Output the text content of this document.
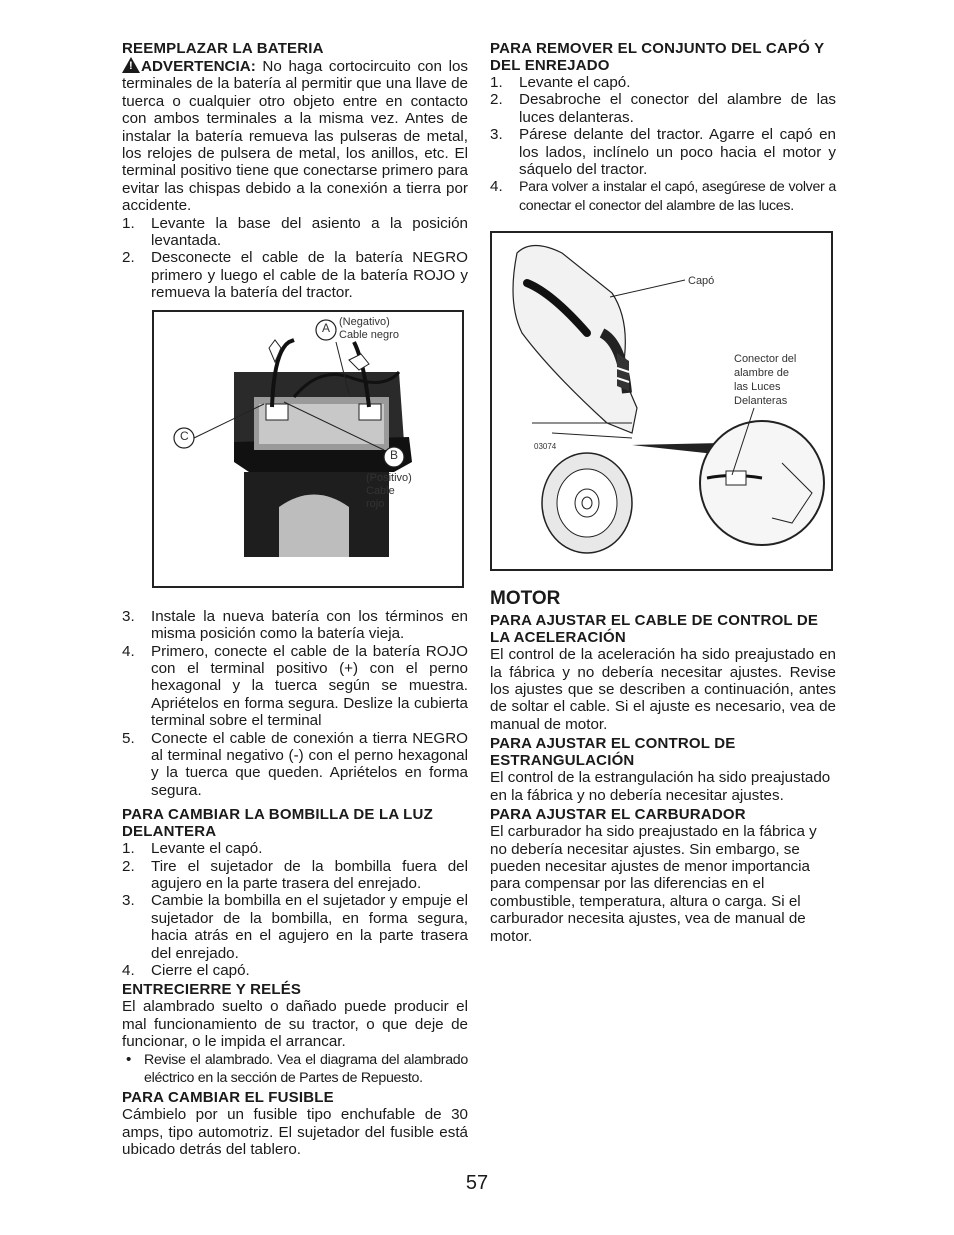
REEMPLAZAR LA BATERIA

! ADVERTENCIA: No haga cortocircuito con los terminales de la batería al permitir que una llave de tuerca o cualquier otro objeto entre en contacto con ambos terminales a la misma vez. Antes de instalar la batería remueva las pulseras de metal, los relojes de pulsera de metal, los anillos, etc. El terminal positivo tiene que conectarse primero para evitar las chispas debido a la conexión a tierra por accidente.

1. Levante la base del asiento a la posición levantada.
2. Desconecte el cable de la batería NEGRO primero y luego el cable de la batería ROJO y remueva la batería del tractor.
A (Negativo)
Cable negro
C
B
(Positivo)
Cable
rojo
3. Instale la nueva batería con los términos en misma posición como la batería vieja.
4. Primero, conecte el cable de la batería ROJO con el terminal positivo (+) con el perno hexagonal y la tuerca según se muestra. Apriételos en forma segura. Deslize la cubierta terminal sobre el terminal
5. Conecte el cable de conexión a tierra NEGRO al terminal negativo (-) con el perno hexagonal y la tuerca que queden. Apriételos en forma segura.
PARA CAMBIAR LA BOMBILLA DE LA LUZ DELANTERA
1. Levante el capó.
2. Tire el sujetador de la bombilla fuera del agujero en la parte trasera del enrejado.
3. Cambie la bombilla en el sujetador y empuje el sujetador de la bombilla, en forma segura, hacia atrás en el agujero en la parte trasera del enrejado.
4. Cierre el capó.
ENTRECIERRE Y RELÉS

El alambrado suelto o dañado puede producir el mal funcionamiento de su tractor, o que deje de funcionar, o le impida el arrancar.

• Revise el alambrado. Vea el diagrama del alambrado eléctrico en la sección de Partes de Repuesto.
PARA CAMBIAR EL FUSIBLE

Cámbielo por un fusible tipo enchufable de 30 amps, tipo automotriz. El sujetador del fusible está ubicado detrás del tablero.

PARA REMOVER EL CONJUNTO DEL CAPÓ Y DEL ENREJADO
1. Levante el capó.
2. Desabroche el conector del alambre de las luces delanteras.
3. Párese delante del tractor. Agarre el capó en los lados, inclínelo un poco hacia el motor y sáquelo del tractor.
4. Para volver a instalar el capó, asegúrese de volver a conectar el conector del alambre de las luces.
Capó
Conector del
alambre de
las Luces
Delanteras
03074
MOTOR
PARA AJUSTAR EL CABLE DE CONTROL DE LA ACELERACIÓN

El control de la aceleración ha sido preajustado en la fábrica y no debería necesitar ajustes. Revise los ajustes que se describen a continuación, antes de soltar el cable. Si el ajuste es necesario, vea de manual de motor.

PARA AJUSTAR EL CONTROL DE ESTRANGULACIÓN

El control de la estrangulación ha sido preajustado en la fábrica y no debería necesitar ajustes.

PARA AJUSTAR EL CARBURADOR

El carburador ha sido preajustado en la fábrica y no debería necesitar ajustes. Sin embargo, se pueden necesitar ajustes de menor importancia para compensar por las diferencias en el combustible, temperatura, altura o carga. Si el carburador necesita ajustes, vea de manual de motor.

57
